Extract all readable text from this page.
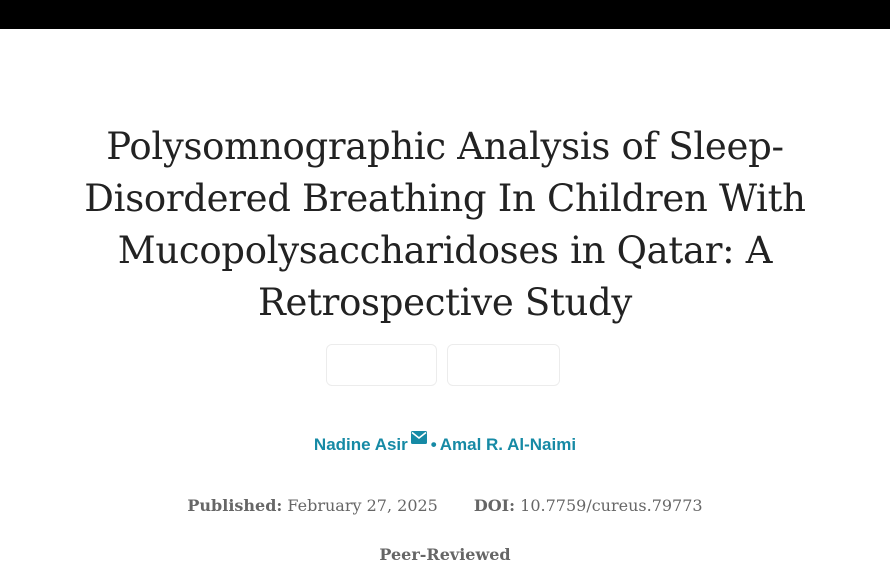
Polysomnographic Analysis of Sleep-Disordered Breathing In Children With Mucopolysaccharidoses in Qatar: A Retrospective Study
Nadine Asir • Amal R. Al-Naimi
Published: February 27, 2025 DOI: 10.7759/cureus.79773
Peer-Reviewed
